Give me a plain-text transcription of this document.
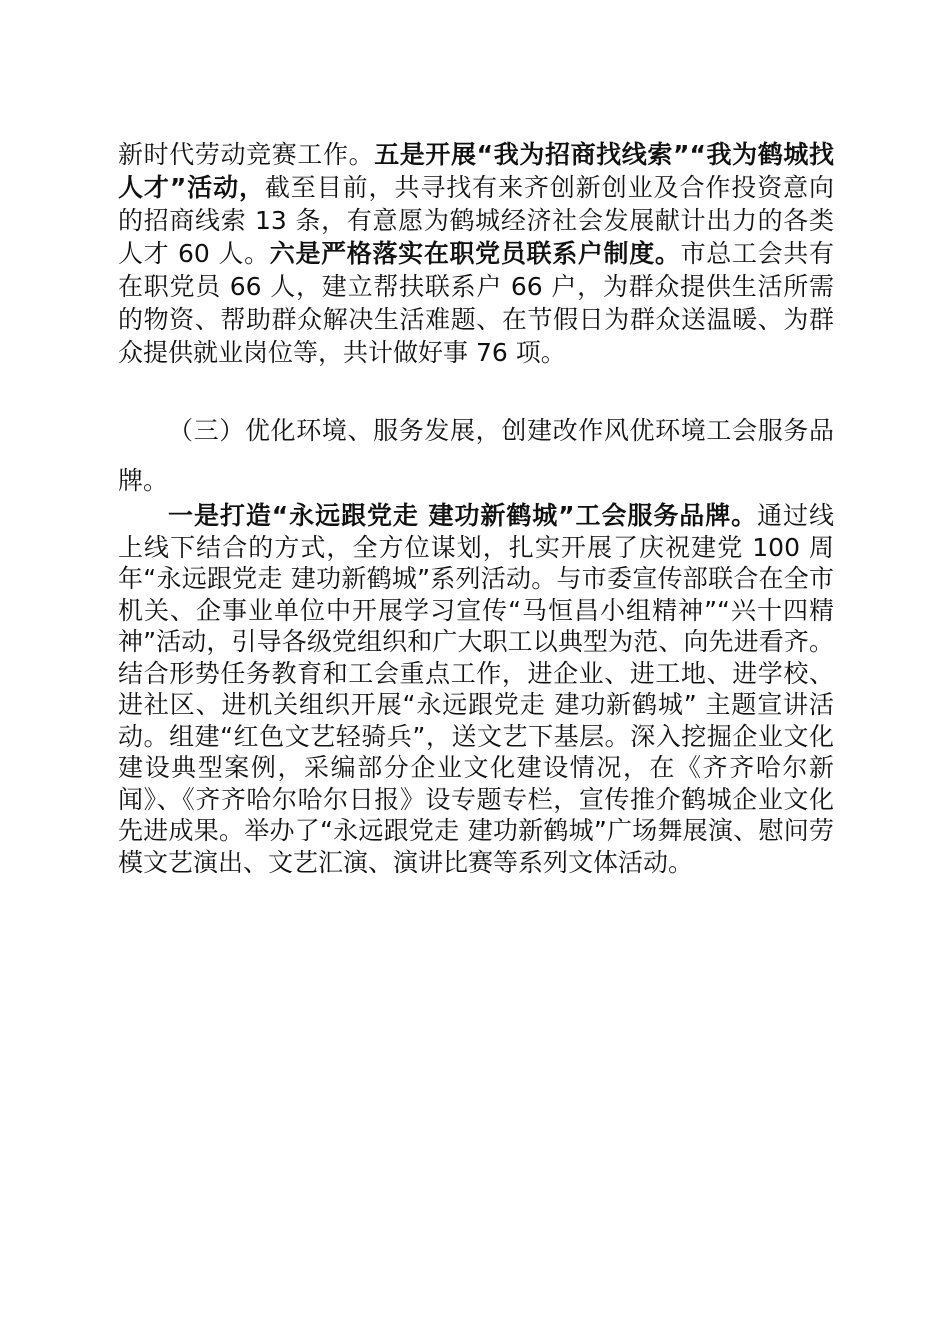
新时代劳动竞赛工作。五是开展“我为招商找线索”“我为鹤城找人才”活动，截至目前，共寻找有来齐创新创业及合作投资意向的招商线索 13 条，有意愿为鹤城经济社会发展献计出力的各类人才 60 人。六是严格落实在职党员联系户制度。市总工会共有在职党员 66 人，建立帮扶联系户 66 户，为群众提供生活所需的物资、帮助群众解决生活难题、在节假日为群众送温暖、为群众提供就业岗位等，共计做好事 76 项。

（三）优化环境、服务发展，创建改作风优环境工会服务品牌。

一是打造“永远跟党走 建功新鹤城”工会服务品牌。通过线上线下结合的方式，全方位谋划，扎实开展了庆祝建党 100 周年“永远跟党走 建功新鹤城”系列活动。与市委宣传部联合在全市机关、企事业单位中开展学习宣传“马恒昌小组精神”“兴十四精神”活动，引导各级党组织和广大职工以典型为范、向先进看齐。结合形势任务教育和工会重点工作，进企业、进工地、进学校、进社区、进机关组织开展“永远跟党走 建功新鹤城” 主题宣讲活动。组建“红色文艺轻骑兵”，送文艺下基层。深入挖掘企业文化建设典型案例，采编部分企业文化建设情况，在《齐齐哈尔新闻》、《齐齐哈尔哈尔日报》设专题专栏，宣传推介鹤城企业文化先进成果。举办了“永远跟党走 建功新鹤城”广场舞展演、慰问劳模文艺演出、文艺汇演、演讲比赛等系列文体活动。
